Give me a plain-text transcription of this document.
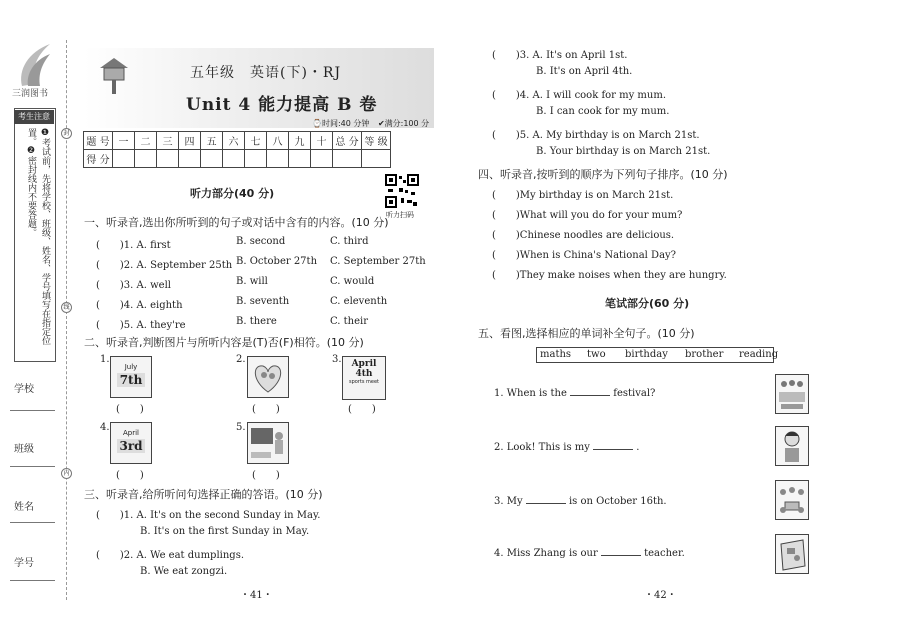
三润图书
考生注意
❶考试前，先将学校、班级、姓名、学号填写在指定位置。❷密封线内不要答题。
学校
班级
姓名
学号
封
线
内
五年级　英语(下)・RJ
Unit 4 能力提高 B 卷
⌚时间:40 分钟 ✔满分:100 分
题 号	一	二	三	四	五	六	七	八	九	十	总 分	等 级
得 分												
听力部分(40 分)
听力扫码
一、听录音,选出你所听到的句子或对话中含有的内容。(10 分)
(　　)1. A. first	B. second	C. third
(　　)2. A. September 25th B. October 27th C. September 27th
(　　)3. A. well	B. will	C. would
(　　)4. A. eighth	B. seventh	C. eleventh
(　　)5. A. they're	B. there	C. their
二、听录音,判断图片与所听内容是(T)否(F)相符。(10 分)
1.
July
7th
(　　)
2.
(　　)
3.	April
4th
sports meet
(　　)
4.	April
3rd
(　　)
5.
(　　)
三、听录音,给所听问句选择正确的答语。(10 分)
(　　)1. A. It's on the second Sunday in May.
B. It's on the first Sunday in May.
(　　)2. A. We eat dumplings.
B. We eat zongzi.
・41・
(　　)3. A. It's on April 1st.
B. It's on April 4th.
(　　)4. A. I will cook for my mum.
B. I can cook for my mum.
(　　)5. A. My birthday is on March 21st.
B. Your birthday is on March 21st.
四、听录音,按听到的顺序为下列句子排序。(10 分)
(　　)My birthday is on March 21st.
(　　)What will you do for your mum?
(　　)Chinese noodles are delicious.
(　　)When is China's National Day?
(　　)They make noises when they are hungry.
笔试部分(60 分)
五、看图,选择相应的单词补全句子。(10 分)
maths two birthday brother reading
1. When is the	festival?
2. Look! This is my	.
3. My	is on October 16th.
4. Miss Zhang is our	teacher.
・42・
